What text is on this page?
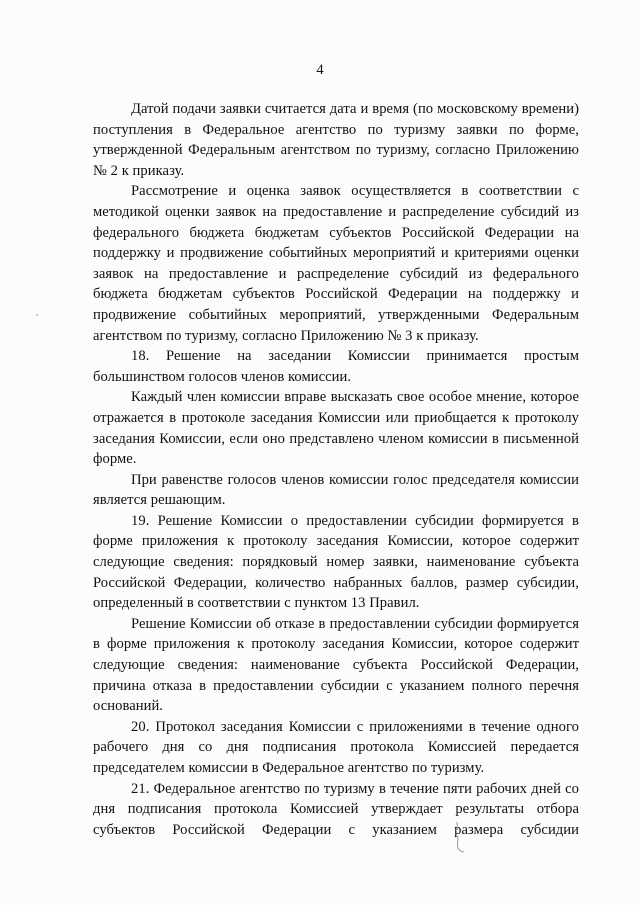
4

Датой подачи заявки считается дата и время (по московскому времени) поступления в Федеральное агентство по туризму заявки по форме, утвержденной Федеральным агентством по туризму, согласно Приложению № 2 к приказу.

Рассмотрение и оценка заявок осуществляется в соответствии с методикой оценки заявок на предоставление и распределение субсидий из федерального бюджета бюджетам субъектов Российской Федерации на поддержку и продвижение событийных мероприятий и критериями оценки заявок на предоставление и распределение субсидий из федерального бюджета бюджетам субъектов Российской Федерации на поддержку и продвижение событийных мероприятий, утвержденными Федеральным агентством по туризму, согласно Приложению № 3 к приказу.

18. Решение на заседании Комиссии принимается простым большинством голосов членов комиссии.

Каждый член комиссии вправе высказать свое особое мнение, которое отражается в протоколе заседания Комиссии или приобщается к протоколу заседания Комиссии, если оно представлено членом комиссии в письменной форме.

При равенстве голосов членов комиссии голос председателя комиссии является решающим.

19. Решение Комиссии о предоставлении субсидии формируется в форме приложения к протоколу заседания Комиссии, которое содержит следующие сведения: порядковый номер заявки, наименование субъекта Российской Федерации, количество набранных баллов, размер субсидии, определенный в соответствии с пунктом 13 Правил.

Решение Комиссии об отказе в предоставлении субсидии формируется в форме приложения к протоколу заседания Комиссии, которое содержит следующие сведения: наименование субъекта Российской Федерации, причина отказа в предоставлении субсидии с указанием полного перечня оснований.

20. Протокол заседания Комиссии с приложениями в течение одного рабочего дня со дня подписания протокола Комиссией передается председателем комиссии в Федеральное агентство по туризму.

21. Федеральное агентство по туризму в течение пяти рабочих дней со дня подписания протокола Комиссией утверждает результаты отбора субъектов Российской Федерации с указанием размера субсидии
